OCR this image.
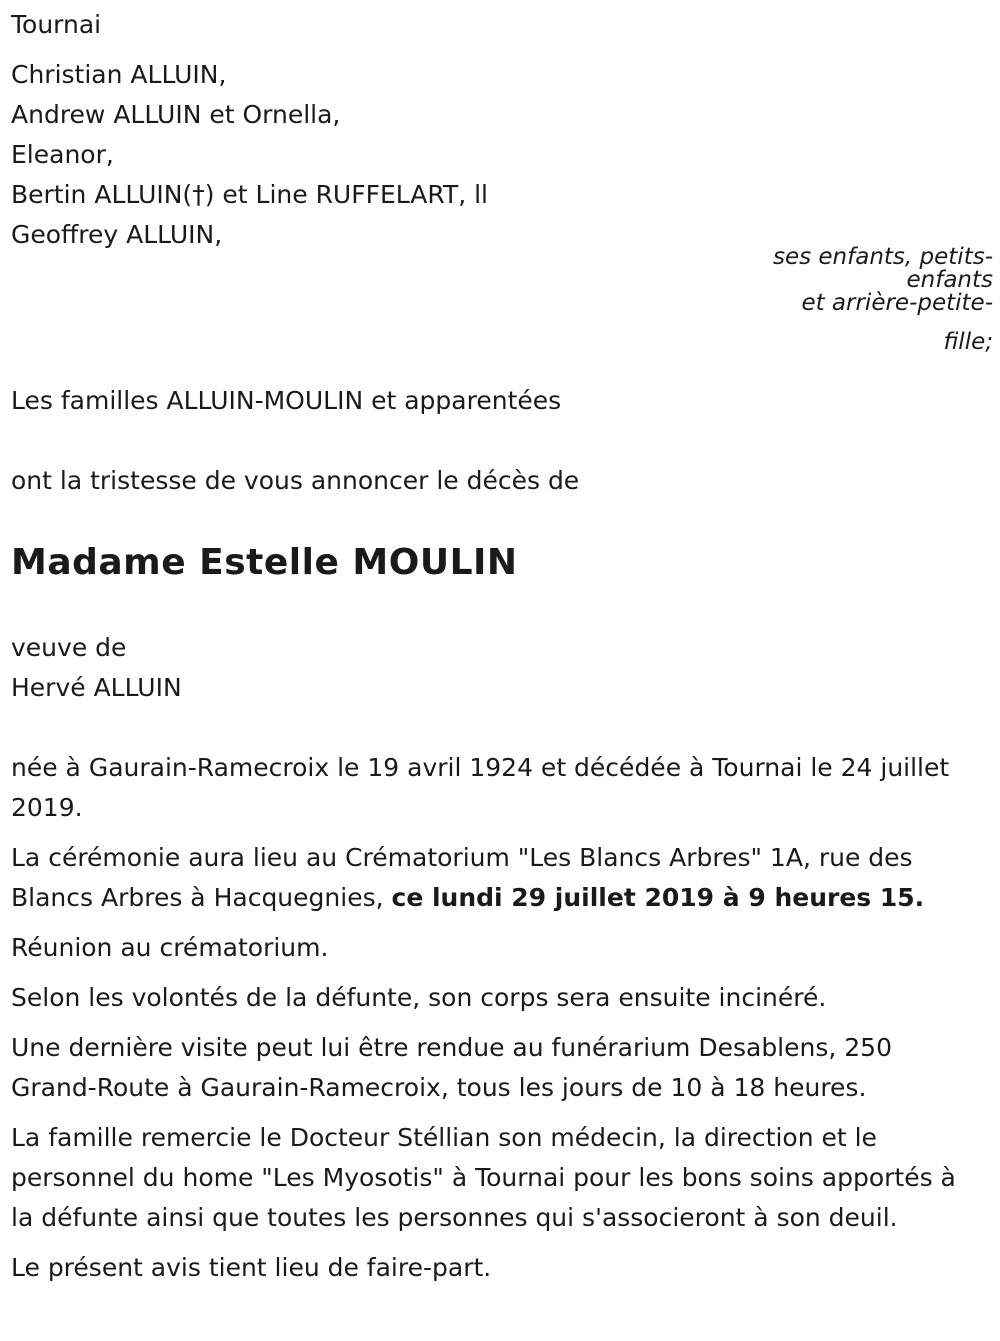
Tournai

Christian ALLUIN,

Andrew ALLUIN et Ornella,

Eleanor,

Bertin ALLUIN(†) et Line RUFFELART, ll

Geoffrey ALLUIN,

ses enfants, petits-
enfants
et arrière-petite-
fille;

Les familles ALLUIN-MOULIN et apparentées

ont la tristesse de vous annoncer le décès de

Madame Estelle MOULIN

veuve de

Hervé ALLUIN

née à Gaurain-Ramecroix le 19 avril 1924 et décédée à Tournai le 24 juillet 2019.

La cérémonie aura lieu au Crématorium "Les Blancs Arbres" 1A, rue des Blancs Arbres à Hacquegnies, ce lundi 29 juillet 2019 à 9 heures 15.

Réunion au crématorium.

Selon les volontés de la défunte, son corps sera ensuite incinéré.

Une dernière visite peut lui être rendue au funérarium Desablens, 250 Grand-Route à Gaurain-Ramecroix, tous les jours de 10 à 18 heures.

La famille remercie le Docteur Stéllian son médecin, la direction et le personnel du home "Les Myosotis" à Tournai pour les bons soins apportés à la défunte ainsi que toutes les personnes qui s'associeront à son deuil.

Le présent avis tient lieu de faire-part.
